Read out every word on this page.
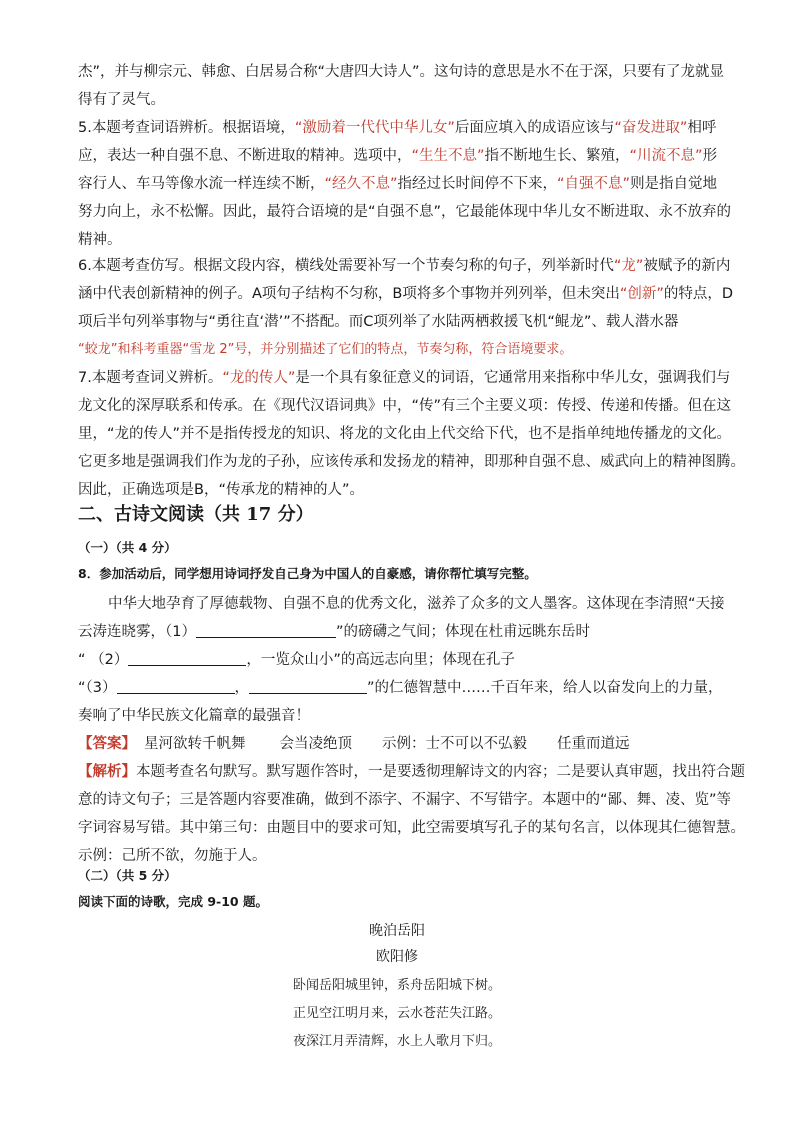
杰”，并与柳宗元、韩愈、白居易合称“大唐四大诗人”。这句诗的意思是水不在于深，只要有了龙就显
得有了灵气。

5.本题考查词语辨析。根据语境，“激励着一代代中华儿女”后面应填入的成语应该与“奋发进取”相呼
应，表达一种自强不息、不断进取的精神。选项中，“生生不息”指不断地生长、繁殖，“川流不息”形
容行人、车马等像水流一样连续不断，“经久不息”指经过长时间停不下来，“自强不息”则是指自觉地
努力向上，永不松懈。因此，最符合语境的是“自强不息”，它最能体现中华儿女不断进取、永不放弃的
精神。

6.本题考查仿写。根据文段内容，横线处需要补写一个节奏匀称的句子，列举新时代“龙”被赋予的新内
涵中代表创新精神的例子。A项句子结构不匀称，B项将多个事物并列列举，但未突出“创新”的特点，D
项后半句列举事物与“勇往直‘潜’”不搭配。而C项列举了水陆两栖救援飞机“鲲龙”、载人潜水器
“蛟龙”和科考重器“雪龙 2”号，并分别描述了它们的特点，节奏匀称，符合语境要求。

7.本题考查词义辨析。“龙的传人”是一个具有象征意义的词语，它通常用来指称中华儿女，强调我们与
龙文化的深厚联系和传承。在《现代汉语词典》中，“传”有三个主要义项：传授、传递和传播。但在这
里，“龙的传人”并不是指传授龙的知识、将龙的文化由上代交给下代，也不是指单纯地传播龙的文化。
它更多地是强调我们作为龙的子孙，应该传承和发扬龙的精神，即那种自强不息、威武向上的精神图腾。
因此，正确选项是B，“传承龙的精神的人”。

二、古诗文阅读（共 17 分）

（一）（共 4 分）

8．参加活动后，同学想用诗词抒发自己身为中国人的自豪感，请你帮忙填写完整。

中华大地孕育了厚德载物、自强不息的优秀文化，滋养了众多的文人墨客。这体现在李清照“天接
云涛连晓雾，（1）	”的磅礴之气间；体现在杜甫远眺东岳时
“ （2）	，一览众山小”的高远志向里；体现在孔子
“（3）	，	”的仁德智慧中……千百年来，给人以奋发向上的力量，
奏响了中华民族文化篇章的最强音！

【答案】 星河欲转千帆舞 会当凌绝顶 示例：士不可以不弘毅 任重而道远

【解析】本题考查名句默写。默写题作答时，一是要透彻理解诗文的内容；二是要认真审题，找出符合题
意的诗文句子；三是答题内容要准确，做到不添字、不漏字、不写错字。本题中的“鄙、舞、凌、览”等
字词容易写错。其中第三句：由题目中的要求可知，此空需要填写孔子的某句名言，以体现其仁德智慧。
示例：己所不欲，勿施于人。

（二）（共 5 分）

阅读下面的诗歌，完成 9-10 题。

晚泊岳阳

欧阳修

卧闻岳阳城里钟，系舟岳阳城下树。

正见空江明月来，云水苍茫失江路。

夜深江月弄清辉，水上人歌月下归。
